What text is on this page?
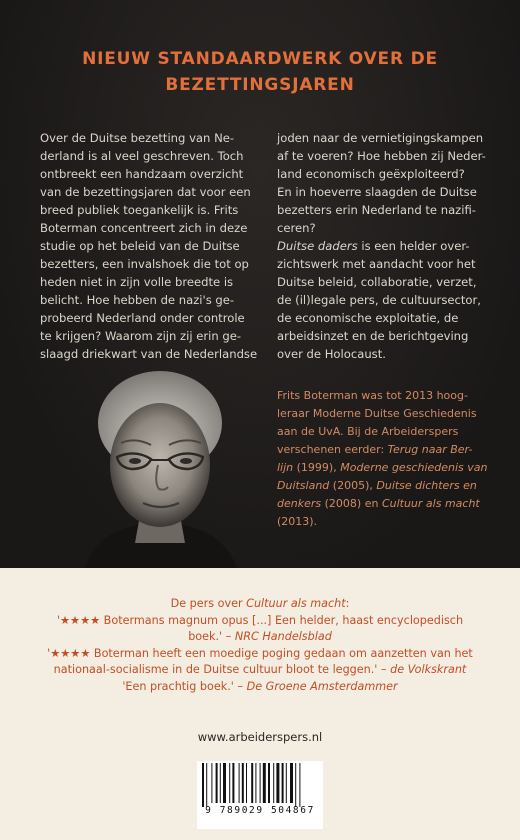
NIEUW STANDAARDWERK OVER DE
BEZETTINGSJAREN
Over de Duitse bezetting van Ne-
derland is al veel geschreven. Toch
ontbreekt een handzaam overzicht
van de bezettingsjaren dat voor een
breed publiek toegankelijk is. Frits
Boterman concentreert zich in deze
studie op het beleid van de Duitse
bezetters, een invalshoek die tot op
heden niet in zijn volle breedte is
belicht. Hoe hebben de nazi's ge-
probeerd Nederland onder controle
te krijgen? Waarom zijn zij erin ge-
slaagd driekwart van de Nederlandse
joden naar de vernietigingskampen
af te voeren? Hoe hebben zij Neder-
land economisch geëxploiteerd?
En in hoeverre slaagden de Duitse
bezetters erin Nederland te nazifi-
ceren?
Duitse daders is een helder over-
zichtswerk met aandacht voor het
Duitse beleid, collaboratie, verzet,
de (il)legale pers, de cultuursector,
de economische exploitatie, de
arbeidsinzet en de berichtgeving
over de Holocaust.
Frits Boterman was tot 2013 hoog-
leraar Moderne Duitse Geschiedenis
aan de UvA. Bij de Arbeiderspers
verschenen eerder: Terug naar Ber-
lijn (1999), Moderne geschiedenis van
Duitsland (2005), Duitse dichters en
denkers (2008) en Cultuur als macht
(2013).
De pers over Cultuur als macht:
'★★★★ Botermans magnum opus [...] Een helder, haast encyclopedisch
boek.' – NRC Handelsblad
'★★★★ Boterman heeft een moedige poging gedaan om aanzetten van het
nationaal-socialisme in de Duitse cultuur bloot te leggen.' – de Volkskrant
'Een prachtig boek.' – De Groene Amsterdammer
www.arbeiderspers.nl
9 789029 504867
